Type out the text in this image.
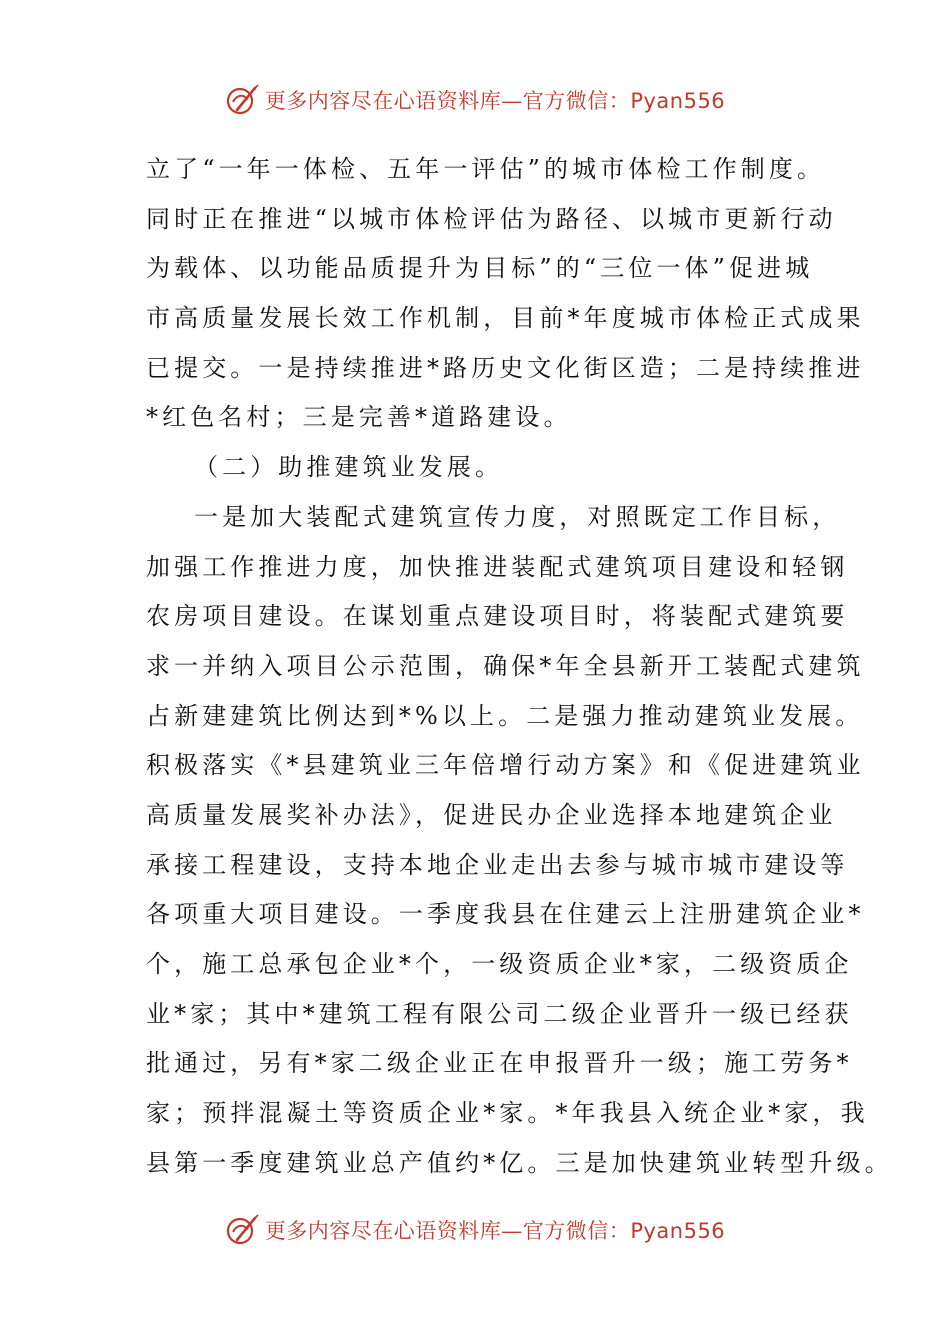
更多内容尽在心语资料库—官方微信：Pyan556
立了“一年一体检、五年一评估”的城市体检工作制度。
同时正在推进“以城市体检评估为路径、以城市更新行动
为载体、以功能品质提升为目标”的“三位一体”促进城
市高质量发展长效工作机制，目前*年度城市体检正式成果
已提交。一是持续推进*路历史文化街区造；二是持续推进
*红色名村；三是完善*道路建设。
（二）助推建筑业发展。
一是加大装配式建筑宣传力度，对照既定工作目标，
加强工作推进力度，加快推进装配式建筑项目建设和轻钢
农房项目建设。在谋划重点建设项目时，将装配式建筑要
求一并纳入项目公示范围，确保*年全县新开工装配式建筑
占新建建筑比例达到*%以上。二是强力推动建筑业发展。
积极落实《*县建筑业三年倍增行动方案》和《促进建筑业
高质量发展奖补办法》，促进民办企业选择本地建筑企业
承接工程建设，支持本地企业走出去参与城市城市建设等
各项重大项目建设。一季度我县在住建云上注册建筑企业*
个，施工总承包企业*个，一级资质企业*家，二级资质企
业*家；其中*建筑工程有限公司二级企业晋升一级已经获
批通过，另有*家二级企业正在申报晋升一级；施工劳务*
家；预拌混凝土等资质企业*家。*年我县入统企业*家，我
县第一季度建筑业总产值约*亿。三是加快建筑业转型升级。
更多内容尽在心语资料库—官方微信：Pyan556
